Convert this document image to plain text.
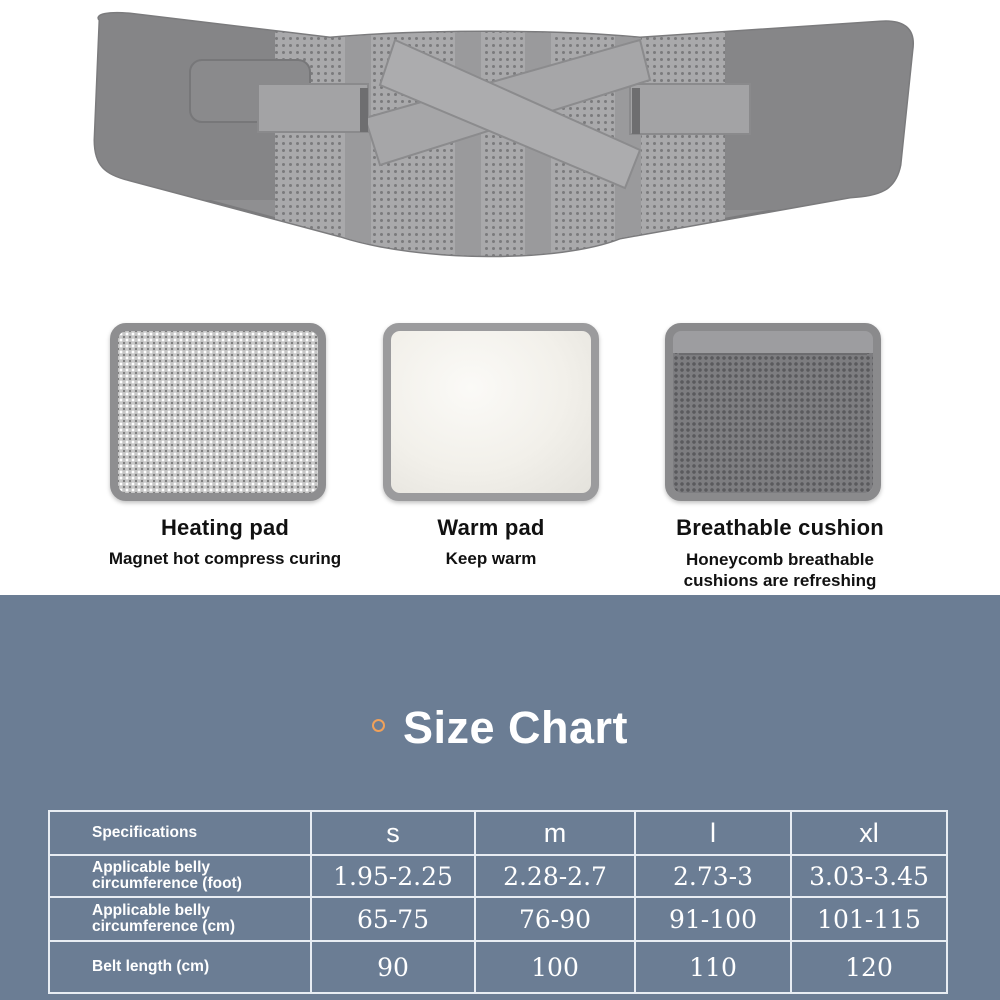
Heating pad
Magnet hot compress curing
Warm pad
Keep warm
Breathable cushion
Honeycomb breathable
cushions are refreshing
Size Chart
Specifications	s	m	l	xl

Applicable belly
circumference (foot)	1.95-2.25	2.28-2.7	2.73-3	3.03-3.45

Applicable belly
circumference (cm)	65-75	76-90	91-100	101-115

Belt length (cm)	90	100	110	120
